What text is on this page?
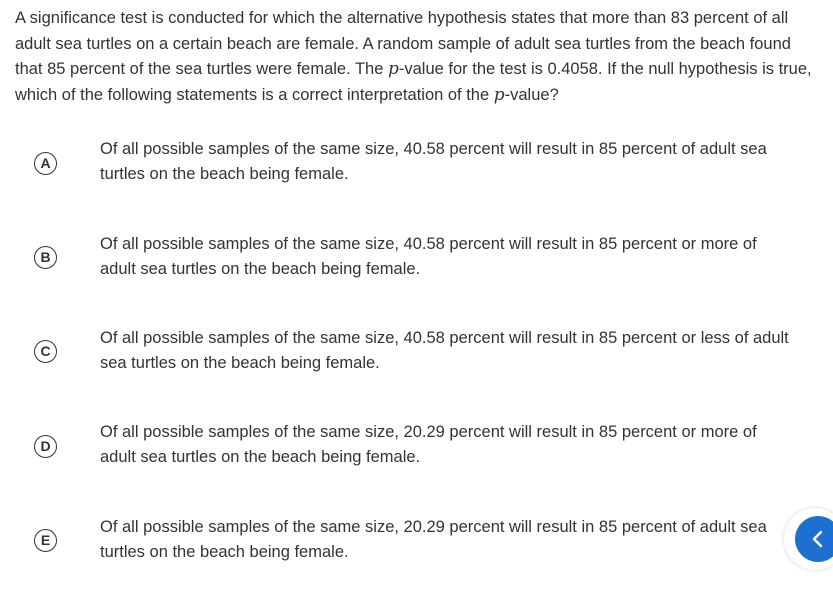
A significance test is conducted for which the alternative hypothesis states that more than 83 percent of all adult sea turtles on a certain beach are female. A random sample of adult sea turtles from the beach found that 85 percent of the sea turtles were female. The p-value for the test is 0.4058. If the null hypothesis is true, which of the following statements is a correct interpretation of the p-value?

A

Of all possible samples of the same size, 40.58 percent will result in 85 percent of adult sea turtles on the beach being female.

B

Of all possible samples of the same size, 40.58 percent will result in 85 percent or more of adult sea turtles on the beach being female.

C

Of all possible samples of the same size, 40.58 percent will result in 85 percent or less of adult sea turtles on the beach being female.

D

Of all possible samples of the same size, 20.29 percent will result in 85 percent or more of adult sea turtles on the beach being female.

E

Of all possible samples of the same size, 20.29 percent will result in 85 percent of adult sea turtles on the beach being female.
